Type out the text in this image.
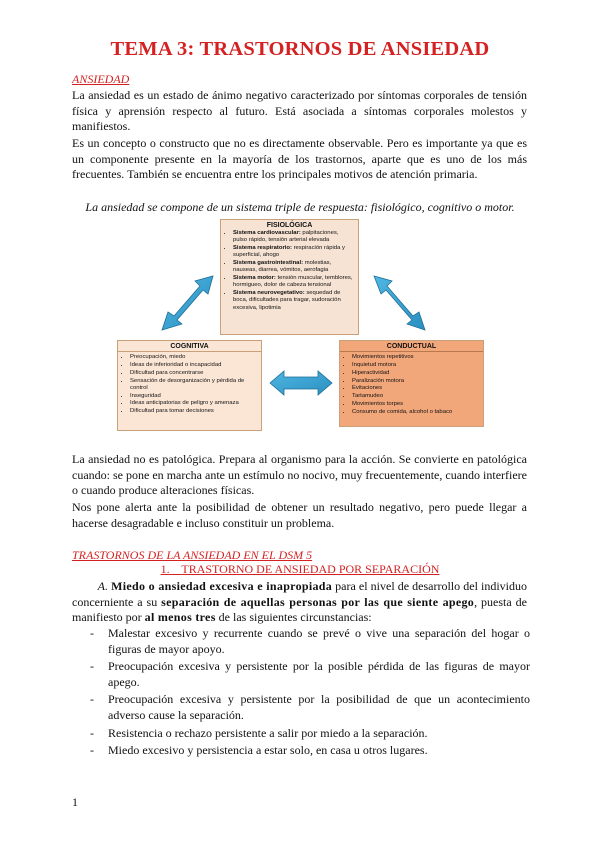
TEMA 3: TRASTORNOS DE ANSIEDAD
ANSIEDAD

La ansiedad es un estado de ánimo negativo caracterizado por síntomas corporales de tensión física y aprensión respecto al futuro. Está asociada a síntomas corporales molestos y manifiestos.

Es un concepto o constructo que no es directamente observable. Pero es importante ya que es un componente presente en la mayoría de los trastornos, aparte que es uno de los más frecuentes. También se encuentra entre los principales motivos de atención primaria.

La ansiedad se compone de un sistema triple de respuesta: fisiológico, cognitivo o motor.
FISIOLÓGICA
• Sistema cardiovascular: palpitaciones, pulso rápido, tensión arterial elevada
• Sistema respiratorio: respiración rápida y superficial, ahogo
• Sistema gastrointestinal: molestias, nauseas, diarrea, vómitos, aerofagia
• Sistema motor: tensión muscular, temblores, hormigueo, dolor de cabeza tensional
• Sistema neurovegetativo: sequedad de boca, dificultades para tragar, sudoración excesiva, lipotimia
COGNITIVA
• Preocupación, miedo
• Ideas de inferioridad o incapacidad
• Dificultad para concentrarse
• Sensación de desorganización y pérdida de control
• Inseguridad
• Ideas anticipatorias de peligro y amenaza
• Dificultad para tomar decisiones
CONDUCTUAL
• Movimientos repetitivos
• Inquietud motora
• Hiperactividad
• Paralización motora
• Evitaciones
• Tartamudeo
• Movimientos torpes
• Consumo de comida, alcohol o tabaco

La ansiedad no es patológica. Prepara al organismo para la acción. Se convierte en patológica cuando: se pone en marcha ante un estímulo no nocivo, muy frecuentemente, cuando interfiere o cuando produce alteraciones físicas.

Nos pone alerta ante la posibilidad de obtener un resultado negativo, pero puede llegar a hacerse desagradable e incluso constituir un problema.

TRASTORNOS DE LA ANSIEDAD EN EL DSM 5
1. TRASTORNO DE ANSIEDAD POR SEPARACIÓN

A. Miedo o ansiedad excesiva e inapropiada para el nivel de desarrollo del individuo concerniente a su separación de aquellas personas por las que siente apego, puesta de manifiesto por al menos tres de las siguientes circunstancias:

- Malestar excesivo y recurrente cuando se prevé o vive una separación del hogar o figuras de mayor apoyo.
- Preocupación excesiva y persistente por la posible pérdida de las figuras de mayor apego.
- Preocupación excesiva y persistente por la posibilidad de que un acontecimiento adverso cause la separación.
- Resistencia o rechazo persistente a salir por miedo a la separación.
- Miedo excesivo y persistencia a estar solo, en casa u otros lugares.
1
